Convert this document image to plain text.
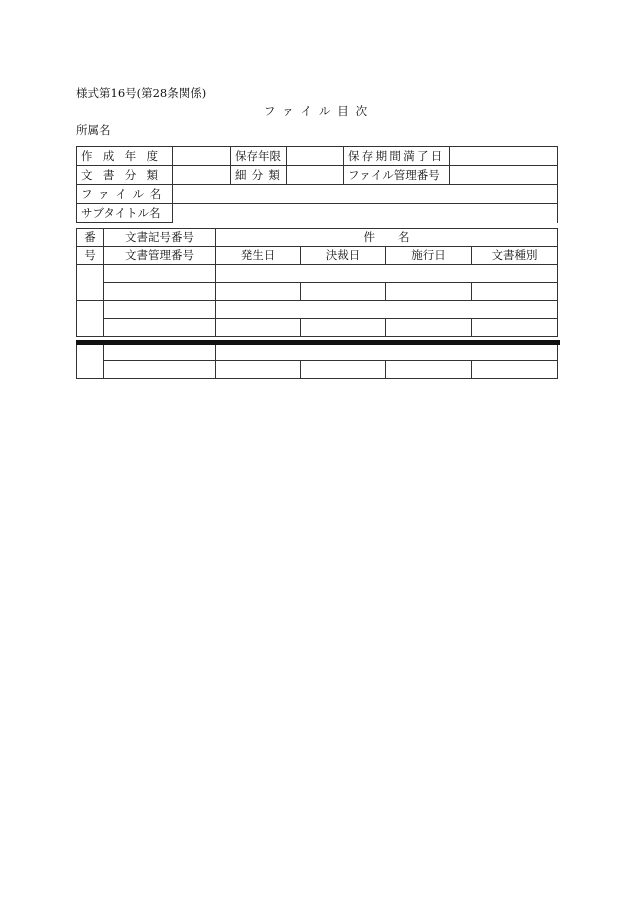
様式第16号(第28条関係)
ファイル目次
所属名
作成年度		保存年限		保存期間満了日	
文書分類		細分類		ファイル管理番号	
ファイル名					
サブタイトル名					
番	文書記号番号	件　　名			
号	文書管理番号	発生日	決裁日	施行日	文書種別
